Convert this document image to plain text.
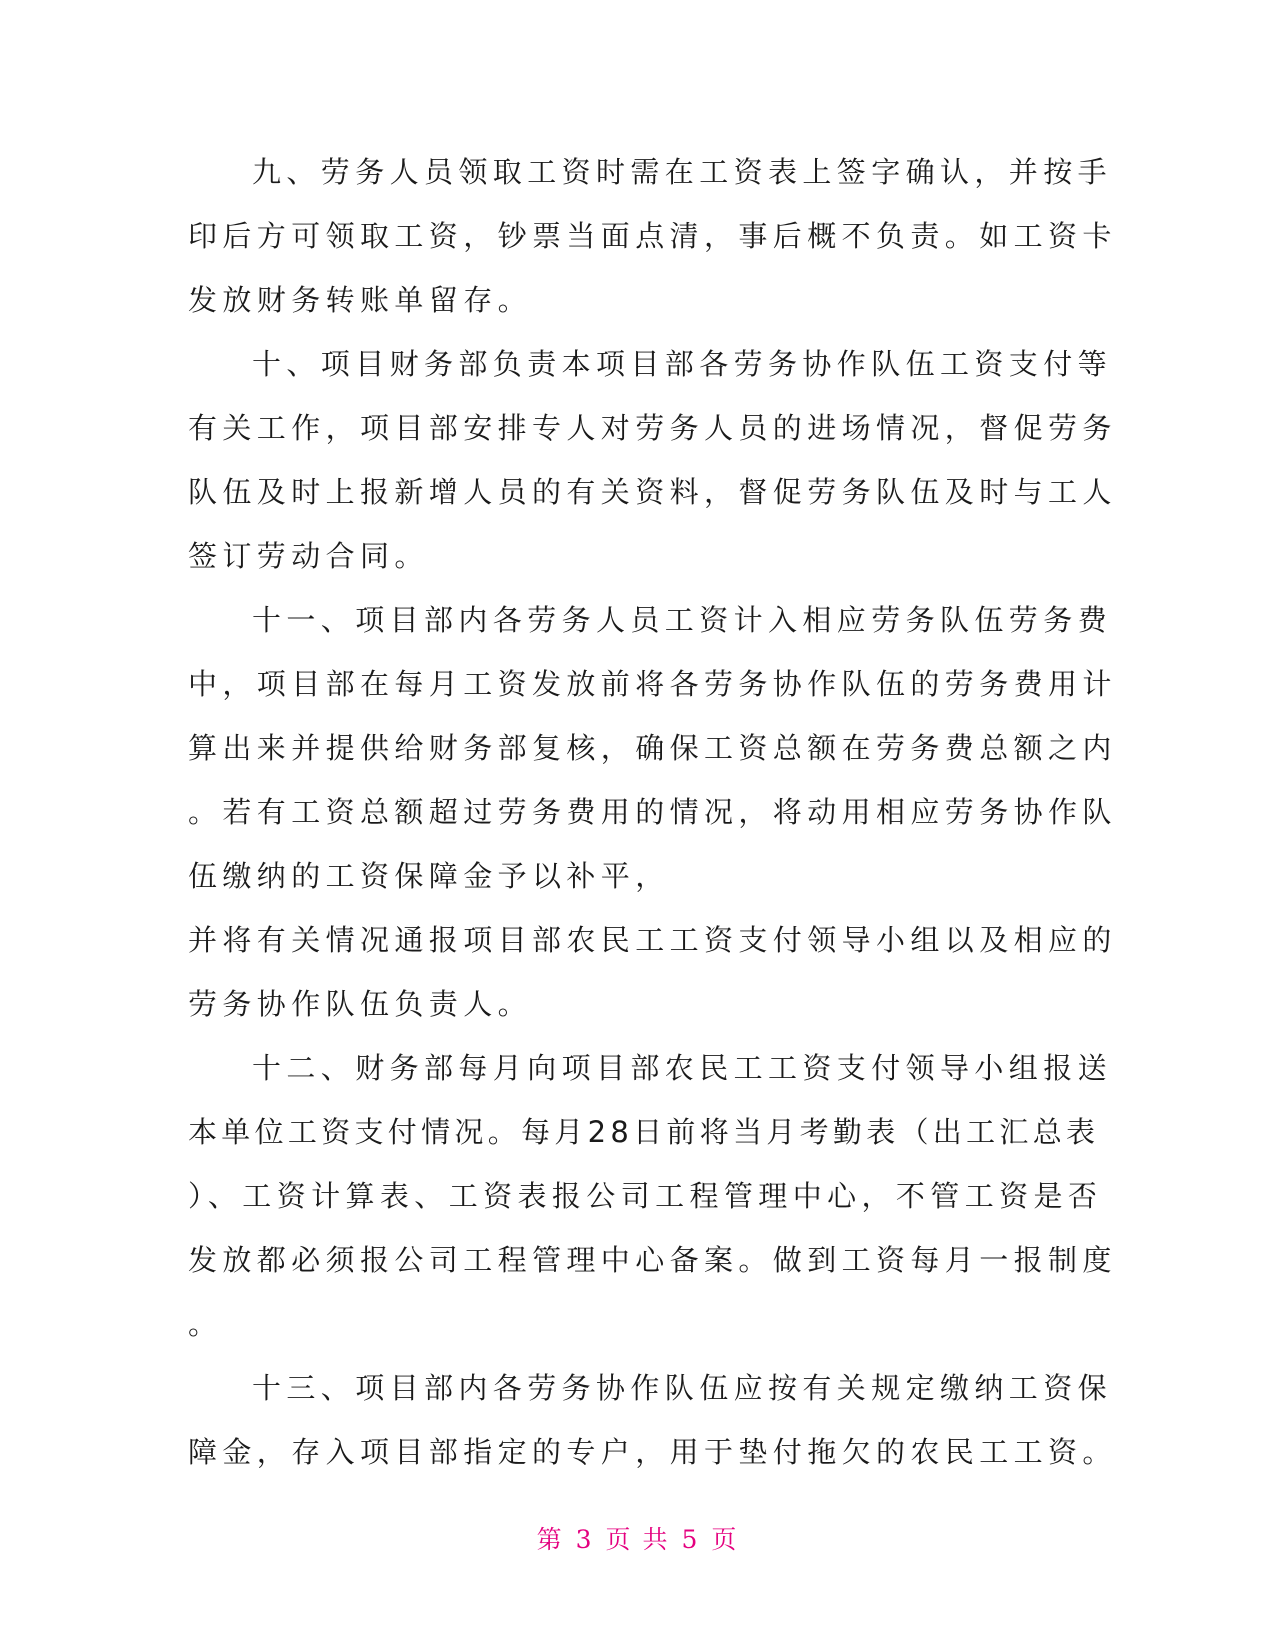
九、劳务人员领取工资时需在工资表上签字确认，并按手
印后方可领取工资，钞票当面点清，事后概不负责。如工资卡
发放财务转账单留存。
十、项目财务部负责本项目部各劳务协作队伍工资支付等
有关工作，项目部安排专人对劳务人员的进场情况，督促劳务
队伍及时上报新增人员的有关资料，督促劳务队伍及时与工人
签订劳动合同。
十一、项目部内各劳务人员工资计入相应劳务队伍劳务费
中，项目部在每月工资发放前将各劳务协作队伍的劳务费用计
算出来并提供给财务部复核，确保工资总额在劳务费总额之内
。若有工资总额超过劳务费用的情况，将动用相应劳务协作队
伍缴纳的工资保障金予以补平，
并将有关情况通报项目部农民工工资支付领导小组以及相应的
劳务协作队伍负责人。
十二、财务部每月向项目部农民工工资支付领导小组报送
本单位工资支付情况。每月28日前将当月考勤表（出工汇总表
）、工资计算表、工资表报公司工程管理中心，不管工资是否
发放都必须报公司工程管理中心备案。做到工资每月一报制度
。
十三、项目部内各劳务协作队伍应按有关规定缴纳工资保
障金，存入项目部指定的专户，用于垫付拖欠的农民工工资。
第 3 页 共 5 页
